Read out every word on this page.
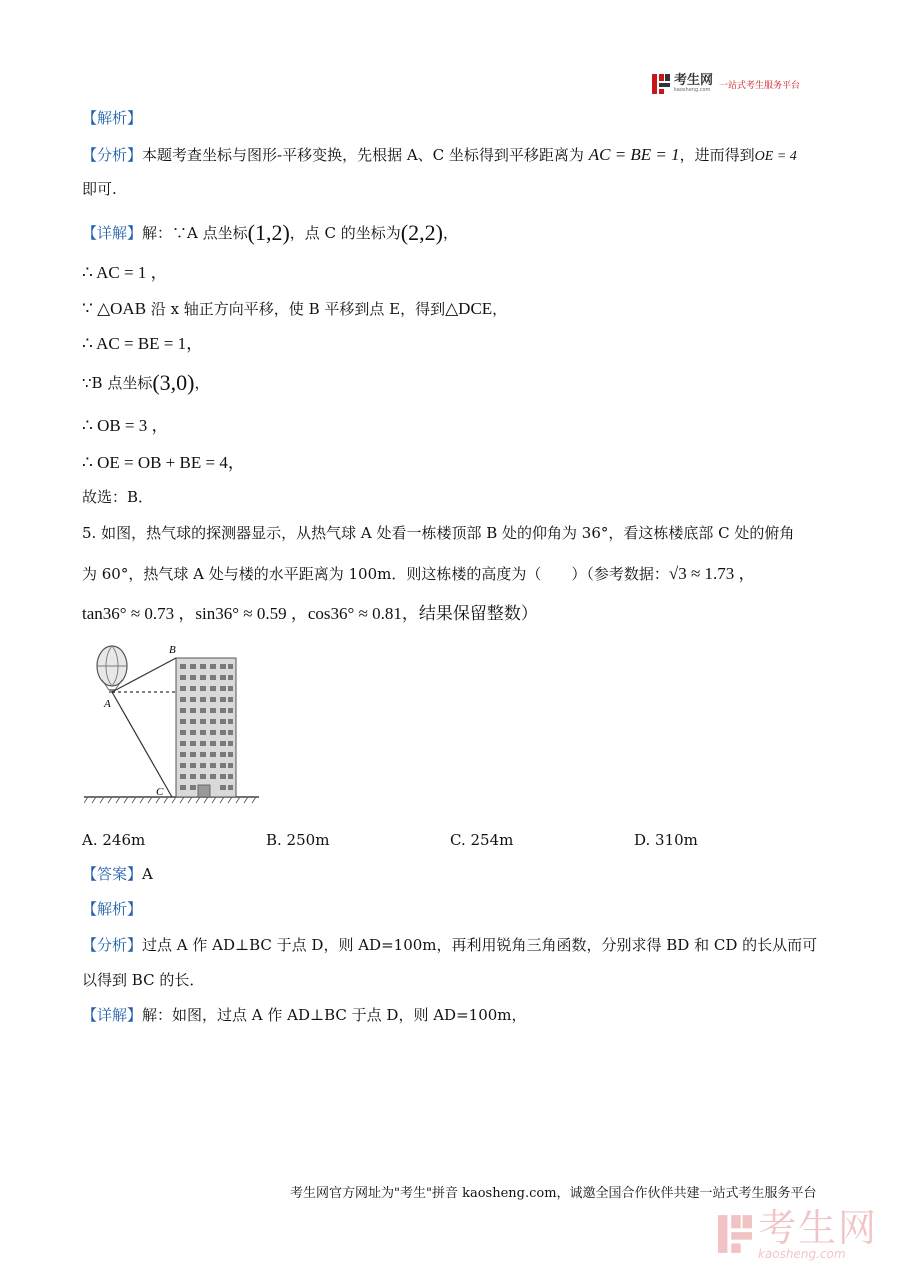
考生网
kaosheng.com 一站式考生服务平台
【解析】
【分析】本题考查坐标与图形-平移变换，先根据 A、C 坐标得到平移距离为 AC = BE = 1，进而得到OE = 4
即可.
【详解】解：∵A 点坐标(1,2)，点 C 的坐标为(2,2)，
∴ AC = 1 ，
∵ △OAB 沿 x 轴正方向平移，使 B 平移到点 E，得到△DCE，
∴ AC = BE = 1，
∵B 点坐标(3,0)，
∴ OB = 3 ，
∴ OE = OB + BE = 4，
故选：B．
5. 如图，热气球的探测器显示，从热气球 A 处看一栋楼顶部 B 处的仰角为 36°，看这栋楼底部 C 处的俯角
为 60°，热气球 A 处与楼的水平距离为 100m．则这栋楼的高度为（　　）（参考数据：√3 ≈ 1.73 ，
tan36° ≈ 0.73 ，sin36° ≈ 0.59 ，cos36° ≈ 0.81，结果保留整数）
B
A
C
A. 246m	B. 250m	C. 254m	D. 310m
【答案】A
【解析】
【分析】过点 A 作 AD⊥BC 于点 D，则 AD=100m，再利用锐角三角函数，分别求得 BD 和 CD 的长从而可
以得到 BC 的长．
【详解】解：如图，过点 A 作 AD⊥BC 于点 D，则 AD=100m，
考生网官方网址为"考生"拼音 kaosheng.com，诚邀全国合作伙伴共建一站式考生服务平台
考生网
kaosheng.com
